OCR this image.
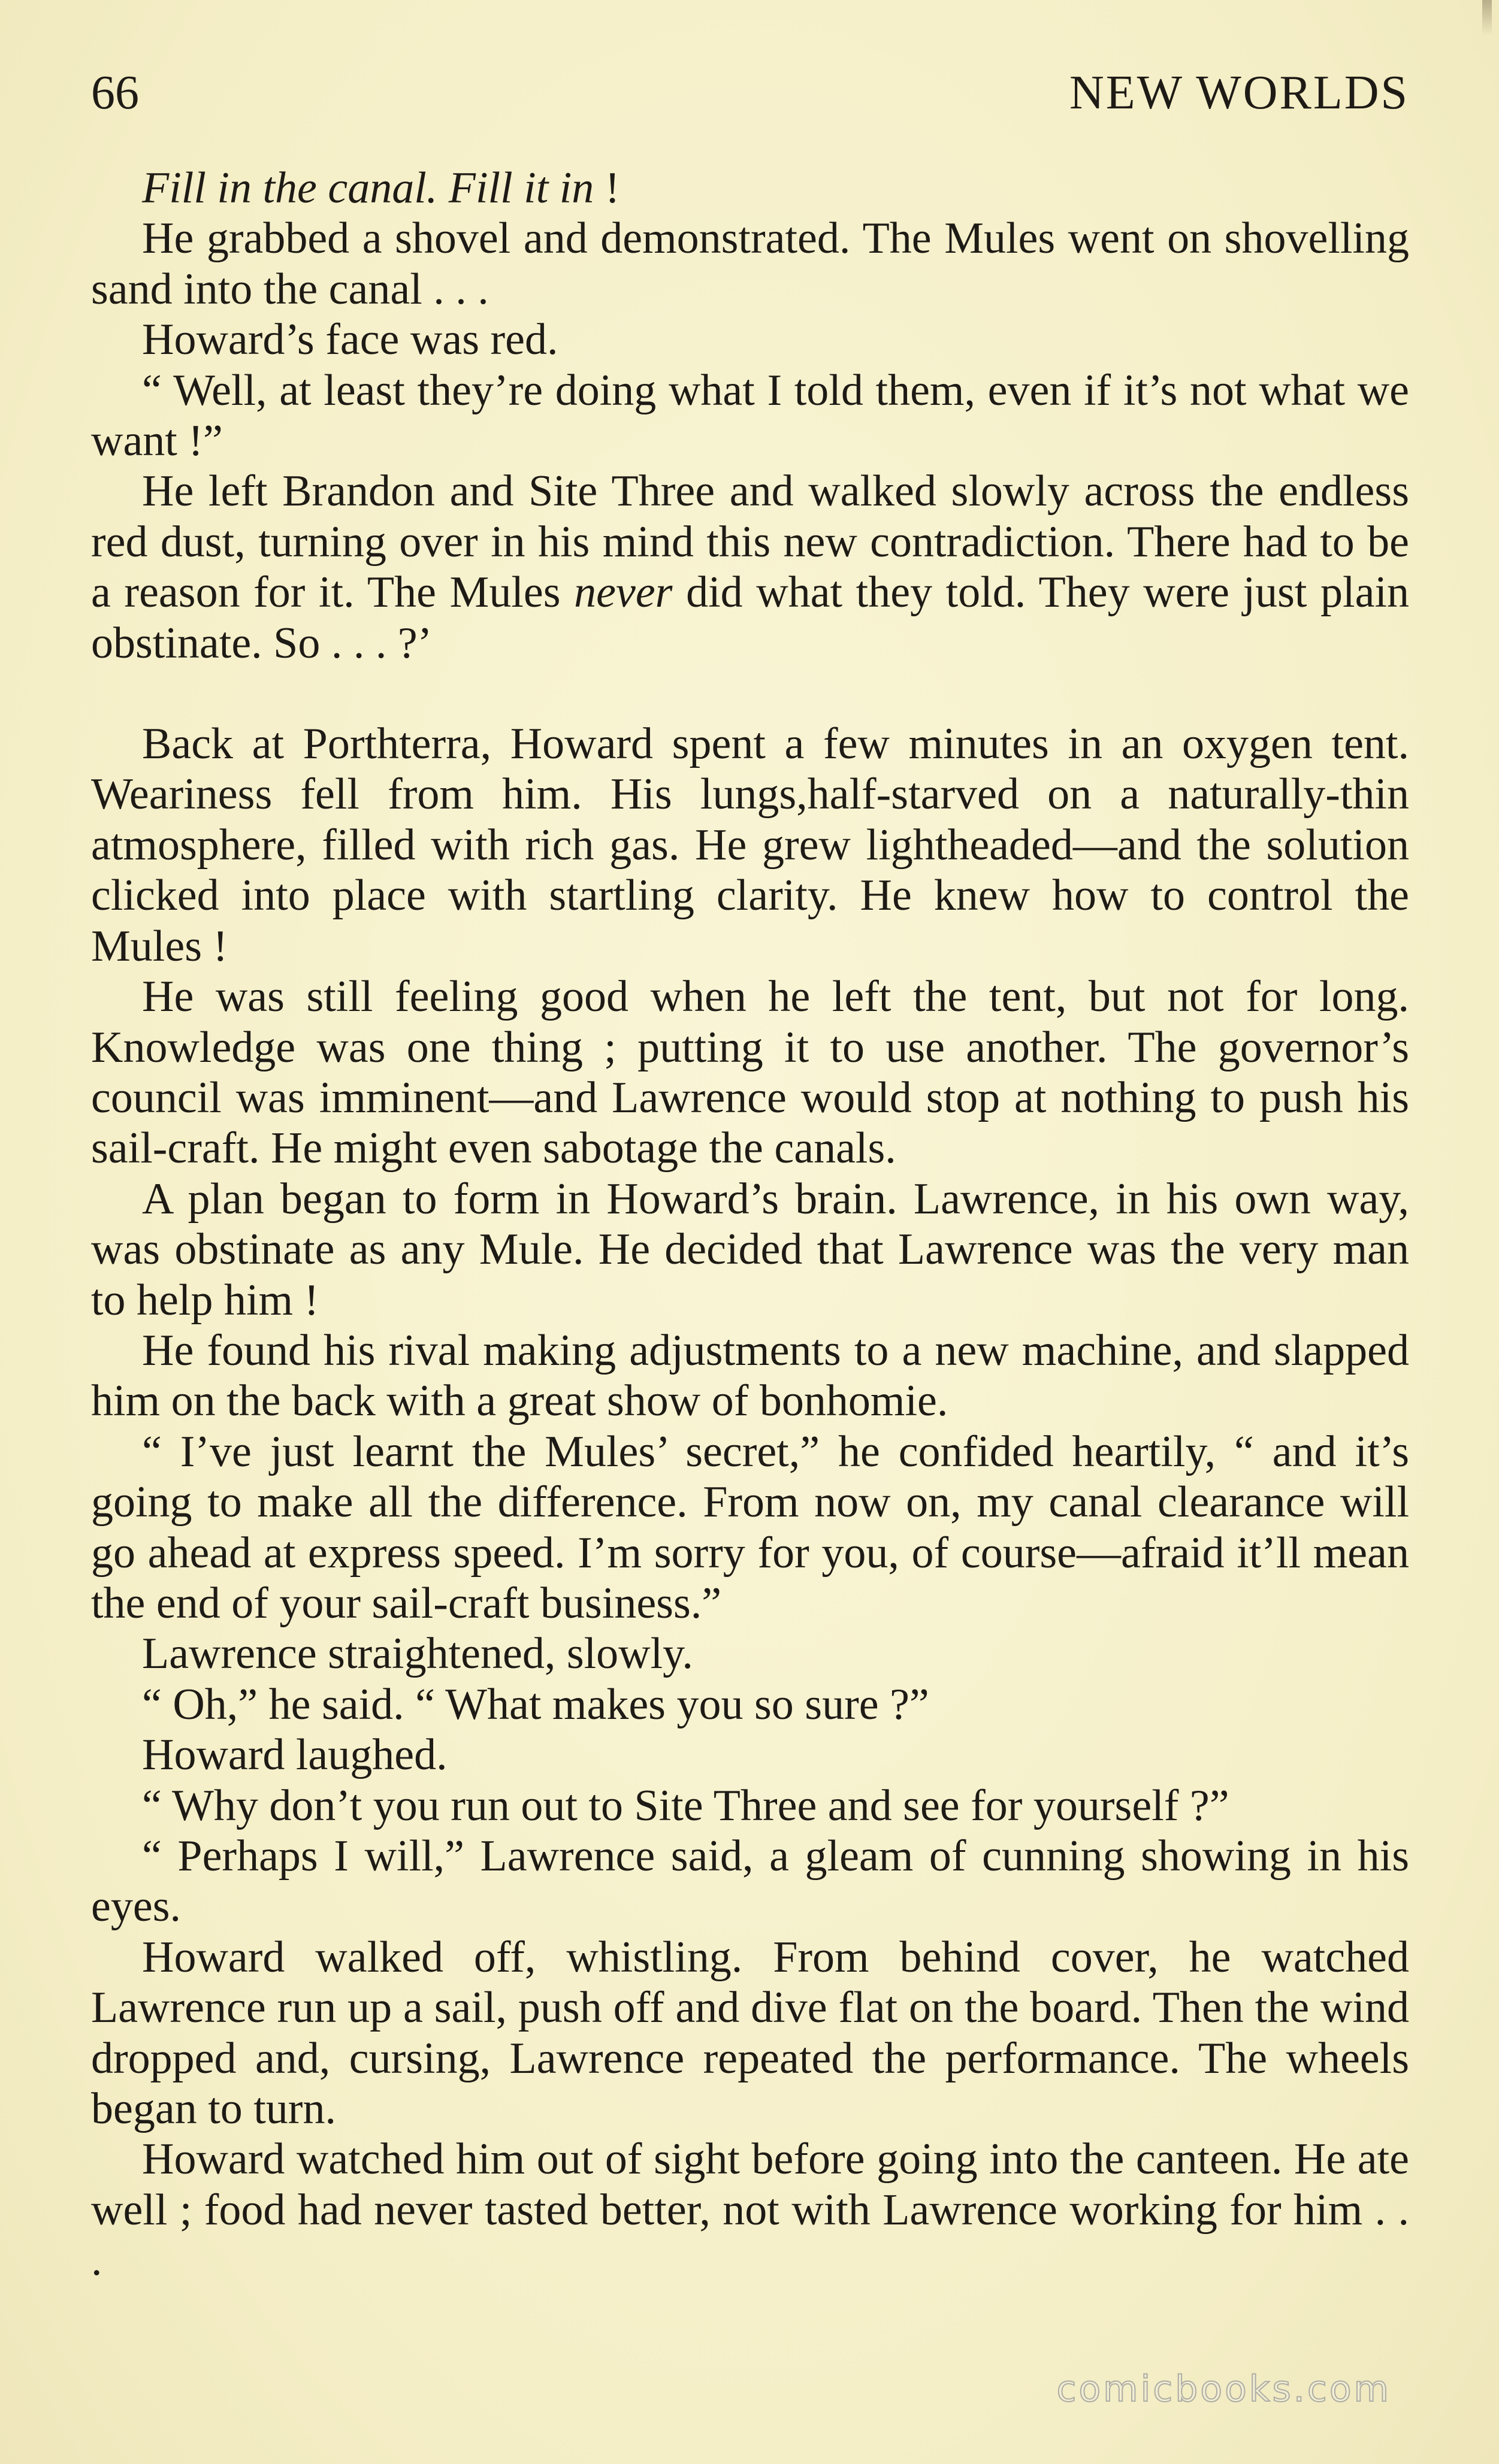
66	NEW WORLDS

Fill in the canal. Fill it in !

He grabbed a shovel and demonstrated. The Mules went on shovelling sand into the canal . . .

Howard’s face was red.

“ Well, at least they’re doing what I told them, even if it’s not what we want !”

He left Brandon and Site Three and walked slowly across the endless red dust, turning over in his mind this new contradiction. There had to be a reason for it. The Mules never did what they told. They were just plain obstinate. So . . . ?’

Back at Porthterra, Howard spent a few minutes in an oxygen tent. Weariness fell from him. His lungs,half-starved on a naturally-thin atmosphere, filled with rich gas. He grew lightheaded—and the solution clicked into place with startling clarity. He knew how to control the Mules !

He was still feeling good when he left the tent, but not for long. Knowledge was one thing ; putting it to use another. The governor’s council was imminent—and Lawrence would stop at nothing to push his sail-craft. He might even sabotage the canals.

A plan began to form in Howard’s brain. Lawrence, in his own way, was obstinate as any Mule. He decided that Lawrence was the very man to help him !

He found his rival making adjustments to a new machine, and slapped him on the back with a great show of bonhomie.

“ I’ve just learnt the Mules’ secret,” he confided heartily, “ and it’s going to make all the difference. From now on, my canal clearance will go ahead at express speed. I’m sorry for you, of course—afraid it’ll mean the end of your sail-craft business.”

Lawrence straightened, slowly.

“ Oh,” he said. “ What makes you so sure ?”

Howard laughed.

“ Why don’t you run out to Site Three and see for yourself ?”

“ Perhaps I will,” Lawrence said, a gleam of cunning showing in his eyes.

Howard walked off, whistling. From behind cover, he watched Lawrence run up a sail, push off and dive flat on the board. Then the wind dropped and, cursing, Lawrence repeated the performance. The wheels began to turn.

Howard watched him out of sight before going into the canteen. He ate well ; food had never tasted better, not with Lawrence working for him . . .

comicbooks.com
